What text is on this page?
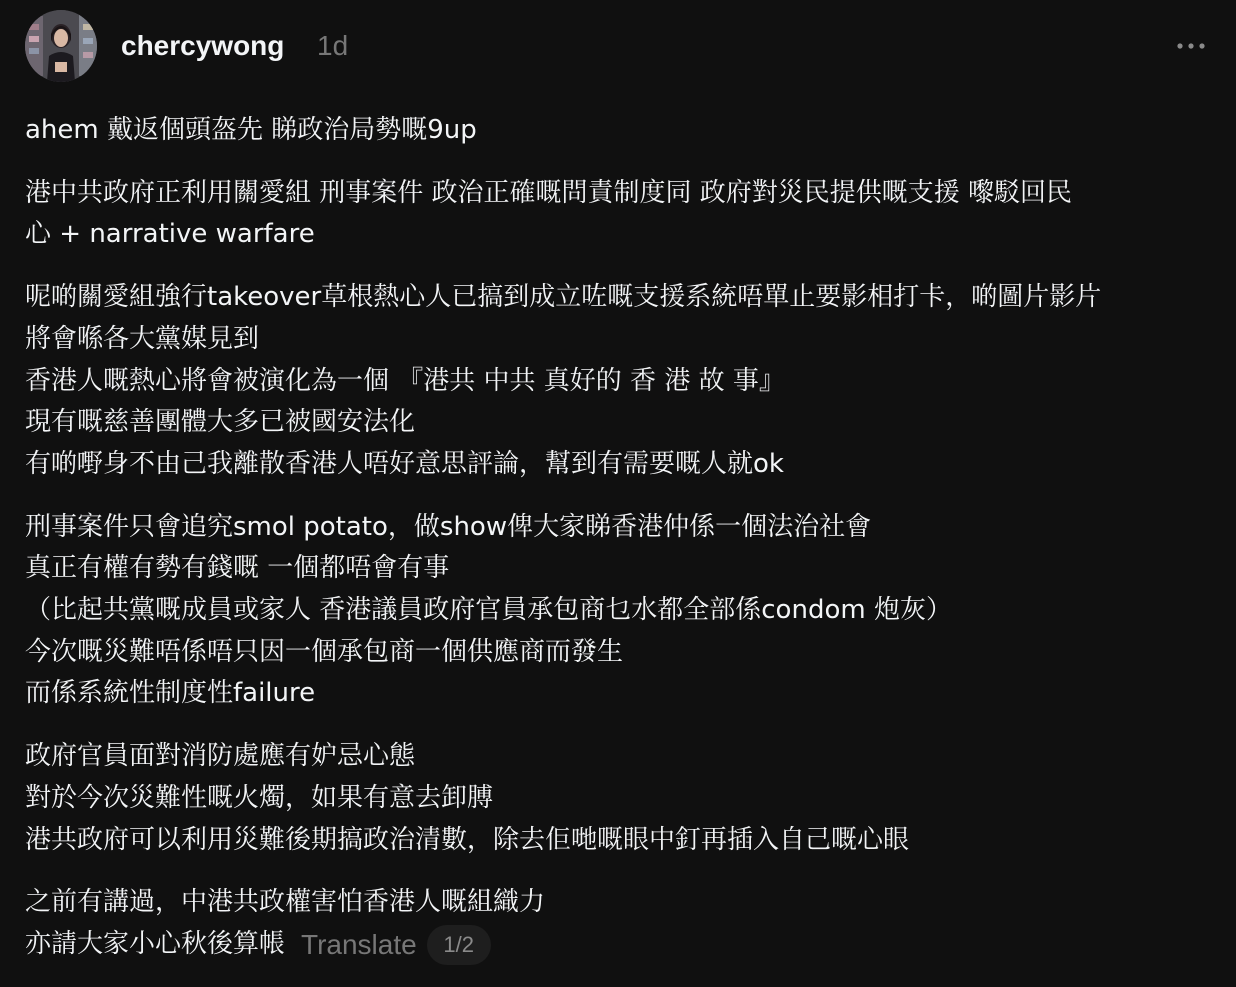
chercywong 1d
ahem 戴返個頭盔先 睇政治局勢嘅9up
港中共政府正利用關愛組 刑事案件 政治正確嘅問責制度同 政府對災民提供嘅支援 嚟駁回民
心 + narrative warfare
呢啲關愛組強行takeover草根熱心人已搞到成立咗嘅支援系統唔單止要影相打卡，啲圖片影片
將會喺各大黨媒見到
香港人嘅熱心將會被演化為一個 『港共 中共 真好的 香 港 故 事』
現有嘅慈善團體大多已被國安法化
有啲嘢身不由己我離散香港人唔好意思評論，幫到有需要嘅人就ok
刑事案件只會追究smol potato，做show俾大家睇香港仲係一個法治社會
真正有權有勢有錢嘅 一個都唔會有事
（比起共黨嘅成員或家人 香港議員政府官員承包商乜水都全部係condom 炮灰）
今次嘅災難唔係唔只因一個承包商一個供應商而發生
而係系統性制度性failure
政府官員面對消防處應有妒忌心態
對於今次災難性嘅火燭，如果有意去卸膊
港共政府可以利用災難後期搞政治清數，除去佢哋嘅眼中釘再插入自己嘅心眼
之前有講過，中港共政權害怕香港人嘅組織力
亦請大家小心秋後算帳 Translate	1/2
